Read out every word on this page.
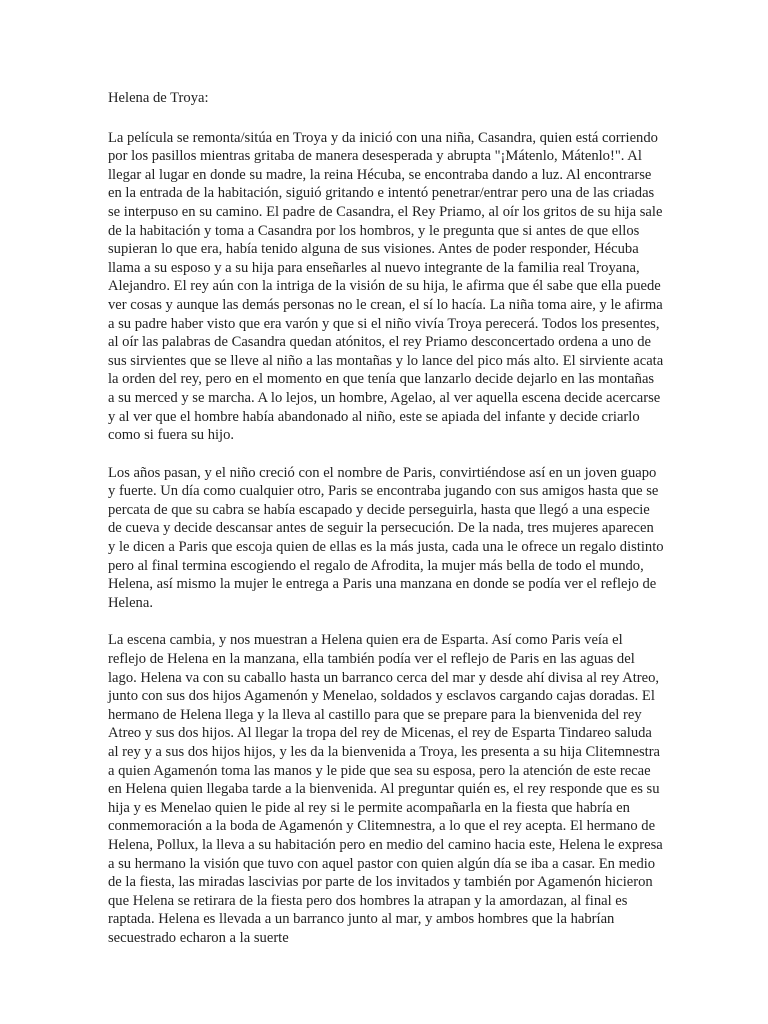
Helena de Troya:

La película se remonta/sitúa en Troya y da inició con una niña, Casandra, quien está corriendo por los pasillos mientras gritaba de manera desesperada y abrupta "¡Mátenlo, Mátenlo!". Al llegar al lugar en donde su madre, la reina Hécuba, se encontraba dando a luz. Al encontrarse en la entrada de la habitación, siguió gritando e intentó penetrar/entrar pero una de las criadas se interpuso en su camino. El padre de Casandra, el Rey Priamo, al oír los gritos de su hija sale de la habitación y toma a Casandra por los hombros, y le pregunta que si antes de que ellos supieran lo que era, había tenido alguna de sus visiones. Antes de poder responder, Hécuba llama a su esposo y a su hija para enseñarles al nuevo integrante de la familia real Troyana, Alejandro. El rey aún con la intriga de la visión de su hija, le afirma que él sabe que ella puede ver cosas y aunque las demás personas no le crean, el sí lo hacía. La niña toma aire, y le afirma a su padre haber visto que era varón y que si el niño vivía Troya perecerá. Todos los presentes, al oír las palabras de Casandra quedan atónitos, el rey Priamo desconcertado ordena a uno de sus sirvientes que se lleve al niño a las montañas y lo lance del pico más alto. El sirviente acata la orden del rey, pero en el momento en que tenía que lanzarlo decide dejarlo en las montañas a su merced y se marcha. A lo lejos, un hombre, Agelao, al ver aquella escena decide acercarse y al ver que el hombre había abandonado al niño, este se apiada del infante y decide criarlo como si fuera su hijo.

Los años pasan, y el niño creció con el nombre de Paris, convirtiéndose así en un joven guapo y fuerte. Un día como cualquier otro, Paris se encontraba jugando con sus amigos hasta que se percata de que su cabra se había escapado y decide perseguirla, hasta que llegó a una especie de cueva y decide descansar antes de seguir la persecución. De la nada, tres mujeres aparecen y le dicen a Paris que escoja quien de ellas es la más justa, cada una le ofrece un regalo distinto pero al final termina escogiendo el regalo de Afrodita, la mujer más bella de todo el mundo, Helena, así mismo la mujer le entrega a Paris una manzana en donde se podía ver el reflejo de Helena.

La escena cambia, y nos muestran a Helena quien era de Esparta. Así como Paris veía el reflejo de Helena en la manzana, ella también podía ver el reflejo de Paris en las aguas del lago. Helena va con su caballo hasta un barranco cerca del mar y desde ahí divisa al rey Atreo, junto con sus dos hijos Agamenón y Menelao, soldados y esclavos cargando cajas doradas. El hermano de Helena llega y la lleva al castillo para que se prepare para la bienvenida del rey Atreo y sus dos hijos. Al llegar la tropa del rey de Micenas, el rey de Esparta Tindareo saluda al rey y a sus dos hijos hijos, y les da la bienvenida a Troya, les presenta a su hija Clitemnestra a quien Agamenón toma las manos y le pide que sea su esposa, pero la atención de este recae en Helena quien llegaba tarde a la bienvenida. Al preguntar quién es, el rey responde que es su hija y es Menelao quien le pide al rey si le permite acompañarla en la fiesta que habría en conmemoración a la boda de Agamenón y Clitemnestra, a lo que el rey acepta. El hermano de Helena, Pollux, la lleva a su habitación pero en medio del camino hacia este, Helena le expresa a su hermano la visión que tuvo con aquel pastor con quien algún día se iba a casar. En medio de la fiesta, las miradas lascivias por parte de los invitados y también por Agamenón hicieron que Helena se retirara de la fiesta pero dos hombres la atrapan y la amordazan, al final es raptada. Helena es llevada a un barranco junto al mar, y ambos hombres que la habrían secuestrado echaron a la suerte
